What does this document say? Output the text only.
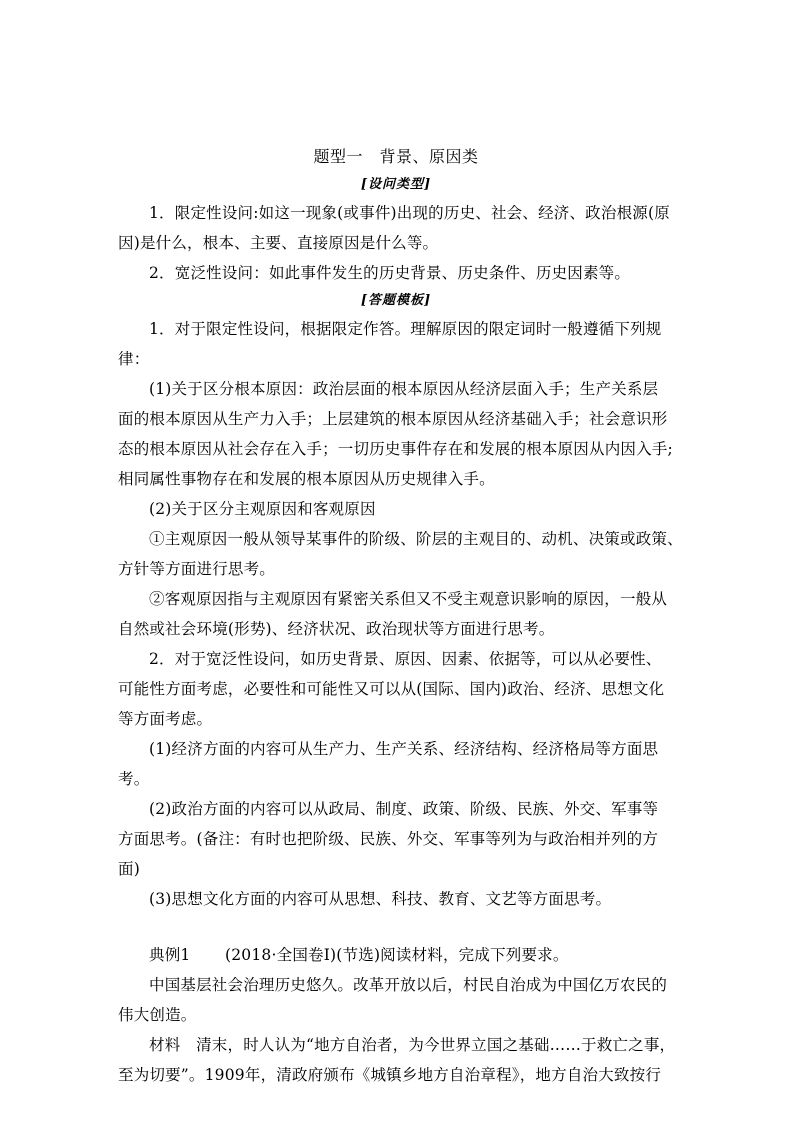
题型一　背景、原因类
[设问类型]
1．限定性设问:如这一现象(或事件)出现的历史、社会、经济、政治根源(原
因)是什么，根本、主要、直接原因是什么等。
2．宽泛性设问：如此事件发生的历史背景、历史条件、历史因素等。
[答题模板]
1．对于限定性设问，根据限定作答。理解原因的限定词时一般遵循下列规
律：
(1)关于区分根本原因：政治层面的根本原因从经济层面入手；生产关系层
面的根本原因从生产力入手；上层建筑的根本原因从经济基础入手；社会意识形
态的根本原因从社会存在入手；一切历史事件存在和发展的根本原因从内因入手;
相同属性事物存在和发展的根本原因从历史规律入手。
(2)关于区分主观原因和客观原因
①主观原因一般从领导某事件的阶级、阶层的主观目的、动机、决策或政策、
方针等方面进行思考。
②客观原因指与主观原因有紧密关系但又不受主观意识影响的原因，一般从
自然或社会环境(形势)、经济状况、政治现状等方面进行思考。
2．对于宽泛性设问，如历史背景、原因、因素、依据等，可以从必要性、
可能性方面考虑，必要性和可能性又可以从(国际、国内)政治、经济、思想文化
等方面考虑。
(1)经济方面的内容可从生产力、生产关系、经济结构、经济格局等方面思
考。
(2)政治方面的内容可以从政局、制度、政策、阶级、民族、外交、军事等
方面思考。(备注：有时也把阶级、民族、外交、军事等列为与政治相并列的方
面)
(3)思想文化方面的内容可从思想、科技、教育、文艺等方面思考。
典例1 (2018·全国卷Ⅰ)(节选)阅读材料，完成下列要求。
中国基层社会治理历史悠久。改革开放以后，村民自治成为中国亿万农民的
伟大创造。
材料　清末，时人认为“地方自治者，为今世界立国之基础……于救亡之事，
至为切要”。1909年，清政府颁布《城镇乡地方自治章程》，地方自治大致按行
